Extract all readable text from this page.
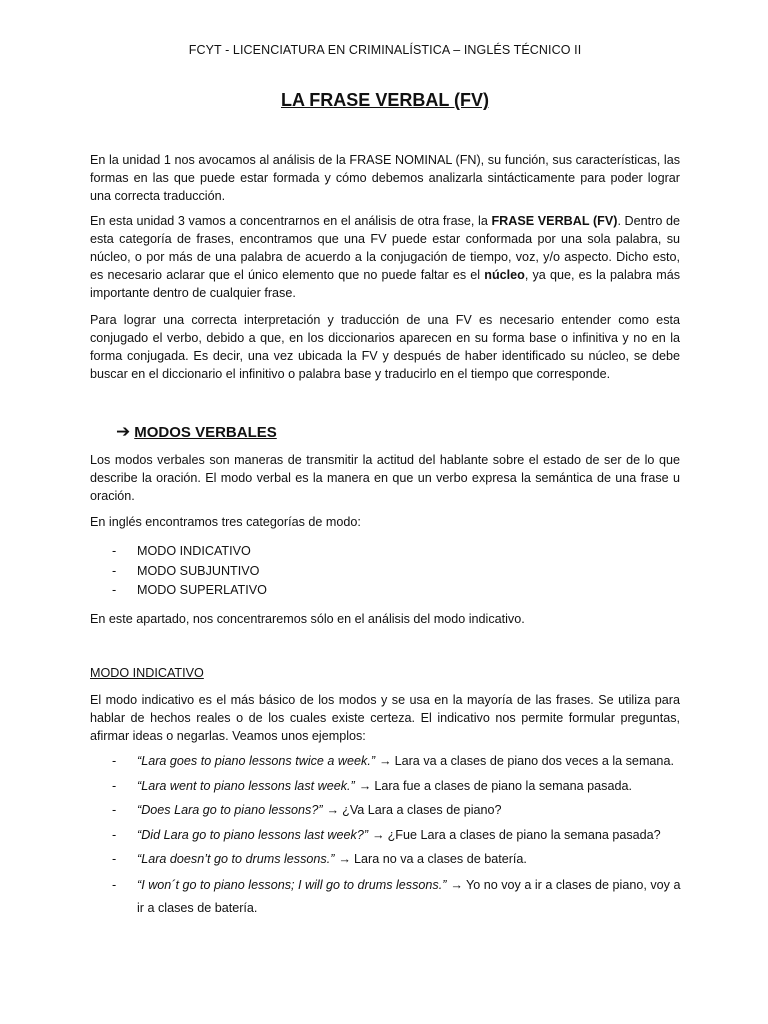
FCYT - LICENCIATURA EN CRIMINALÍSTICA – INGLÉS TÉCNICO II
LA FRASE VERBAL (FV)

En la unidad 1 nos avocamos al análisis de la FRASE NOMINAL (FN), su función, sus características, las formas en las que puede estar formada y cómo debemos analizarla sintácticamente para poder lograr una correcta traducción.

En esta unidad 3 vamos a concentrarnos en el análisis de otra frase, la FRASE VERBAL (FV). Dentro de esta categoría de frases, encontramos que una FV puede estar conformada por una sola palabra, su núcleo, o por más de una palabra de acuerdo a la conjugación de tiempo, voz, y/o aspecto. Dicho esto, es necesario aclarar que el único elemento que no puede faltar es el núcleo, ya que, es la palabra más importante dentro de cualquier frase.

Para lograr una correcta interpretación y traducción de una FV es necesario entender como esta conjugado el verbo, debido a que, en los diccionarios aparecen en su forma base o infinitiva y no en la forma conjugada. Es decir, una vez ubicada la FV y después de haber identificado su núcleo, se debe buscar en el diccionario el infinitivo o palabra base y traducirlo en el tiempo que corresponde.

➔ MODOS VERBALES

Los modos verbales son maneras de transmitir la actitud del hablante sobre el estado de ser de lo que describe la oración. El modo verbal es la manera en que un verbo expresa la semántica de una frase u oración.

En inglés encontramos tres categorías de modo:

- MODO INDICATIVO
- MODO SUBJUNTIVO
- MODO SUPERLATIVO

En este apartado, nos concentraremos sólo en el análisis del modo indicativo.

MODO INDICATIVO

El modo indicativo es el más básico de los modos y se usa en la mayoría de las frases. Se utiliza para hablar de hechos reales o de los cuales existe certeza. El indicativo nos permite formular preguntas, afirmar ideas o negarlas. Veamos unos ejemplos:

- “Lara goes to piano lessons twice a week.” → Lara va a clases de piano dos veces a la semana.
- “Lara went to piano lessons last week.” → Lara fue a clases de piano la semana pasada.
- “Does Lara go to piano lessons?” → ¿Va Lara a clases de piano?
- “Did Lara go to piano lessons last week?” → ¿Fue Lara a clases de piano la semana pasada?
- “Lara doesn’t go to drums lessons.” → Lara no va a clases de batería.
- “I won´t go to piano lessons; I will go to drums lessons.” → Yo no voy a ir a clases de piano, voy a ir a clases de batería.
